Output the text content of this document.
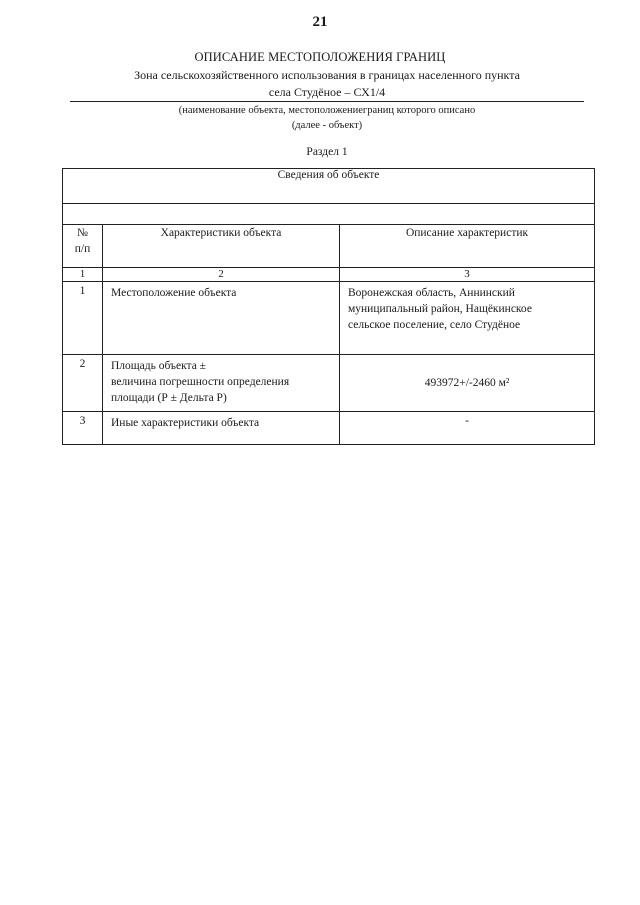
21
ОПИСАНИЕ МЕСТОПОЛОЖЕНИЯ ГРАНИЦ
Зона сельскохозяйственного использования в границах населенного пункта
села Студёное – СХ1/4
(наименование объекта, местоположениеграниц которого описано
(далее - объект)
Раздел 1
Сведения об объекте		

№
п/п	Характеристики объекта	Описание характеристик
1	2	3
1	Местоположение объекта	Воронежская область, Аннинский
муниципальный район, Нащёкинское
сельское поселение, село Студёное

2	Площадь объекта ±
величина погрешности определения
площади (Р ± Дельта Р)	493972+/-2460 м²
3	Иные характеристики объекта	-
